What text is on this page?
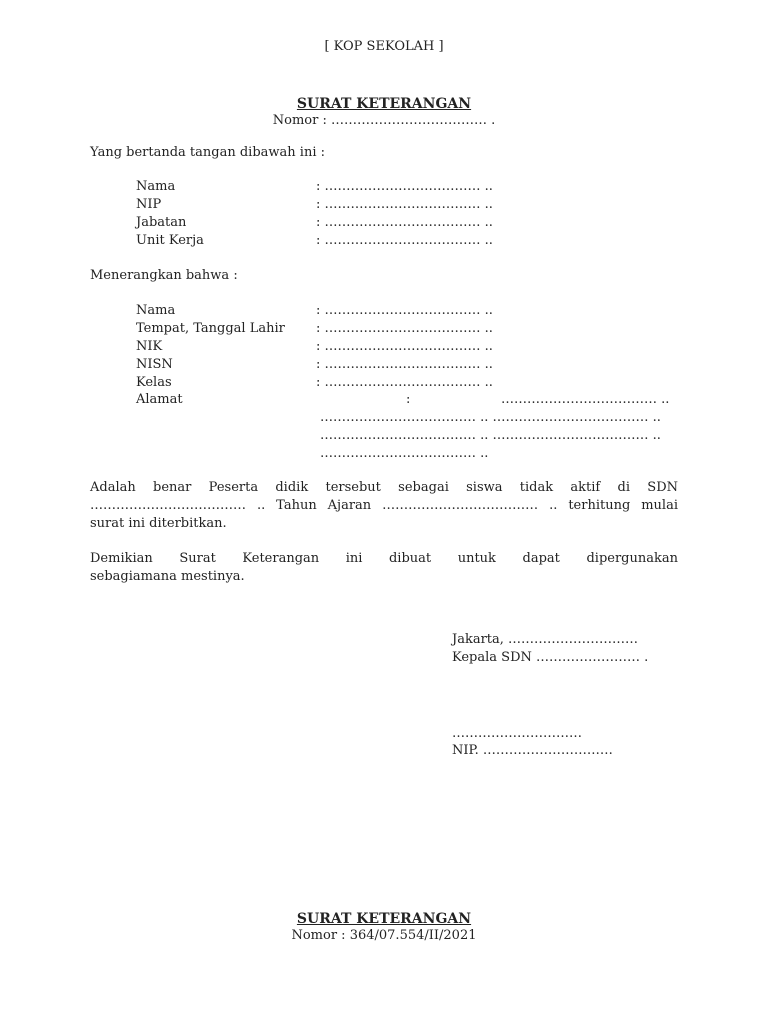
[ KOP SEKOLAH ]
SURAT KETERANGAN
Nomor : ……………………………… .
Yang bertanda tangan dibawah ini :
Nama	: ……………………………… ..
NIP	: ……………………………… ..
Jabatan	: ……………………………… ..
Unit Kerja	: ……………………………… ..
Menerangkan bahwa :
Nama	: ……………………………… ..
Tempat, Tanggal Lahir : ……………………………… ..
NIK	: ……………………………… ..
NISN	: ……………………………… ..
Kelas	: ……………………………… ..
Alamat	:	……………………………… ..
……………………………… .. ……………………………… ..
……………………………… .. ……………………………… ..
……………………………… ..
Adalah benar Peserta didik tersebut sebagai siswa tidak aktif di SDN
……………………………… .. Tahun Ajaran ……………………………… .. terhitung mulai
surat ini diterbitkan.
Demikian Surat Keterangan ini dibuat untuk dapat dipergunakan
sebagiamana mestinya.
Jakarta, …………………………
Kepala SDN …………………… .
…………………………
NIP. …………………………
SURAT KETERANGAN
Nomor : 364/07.554/II/2021
